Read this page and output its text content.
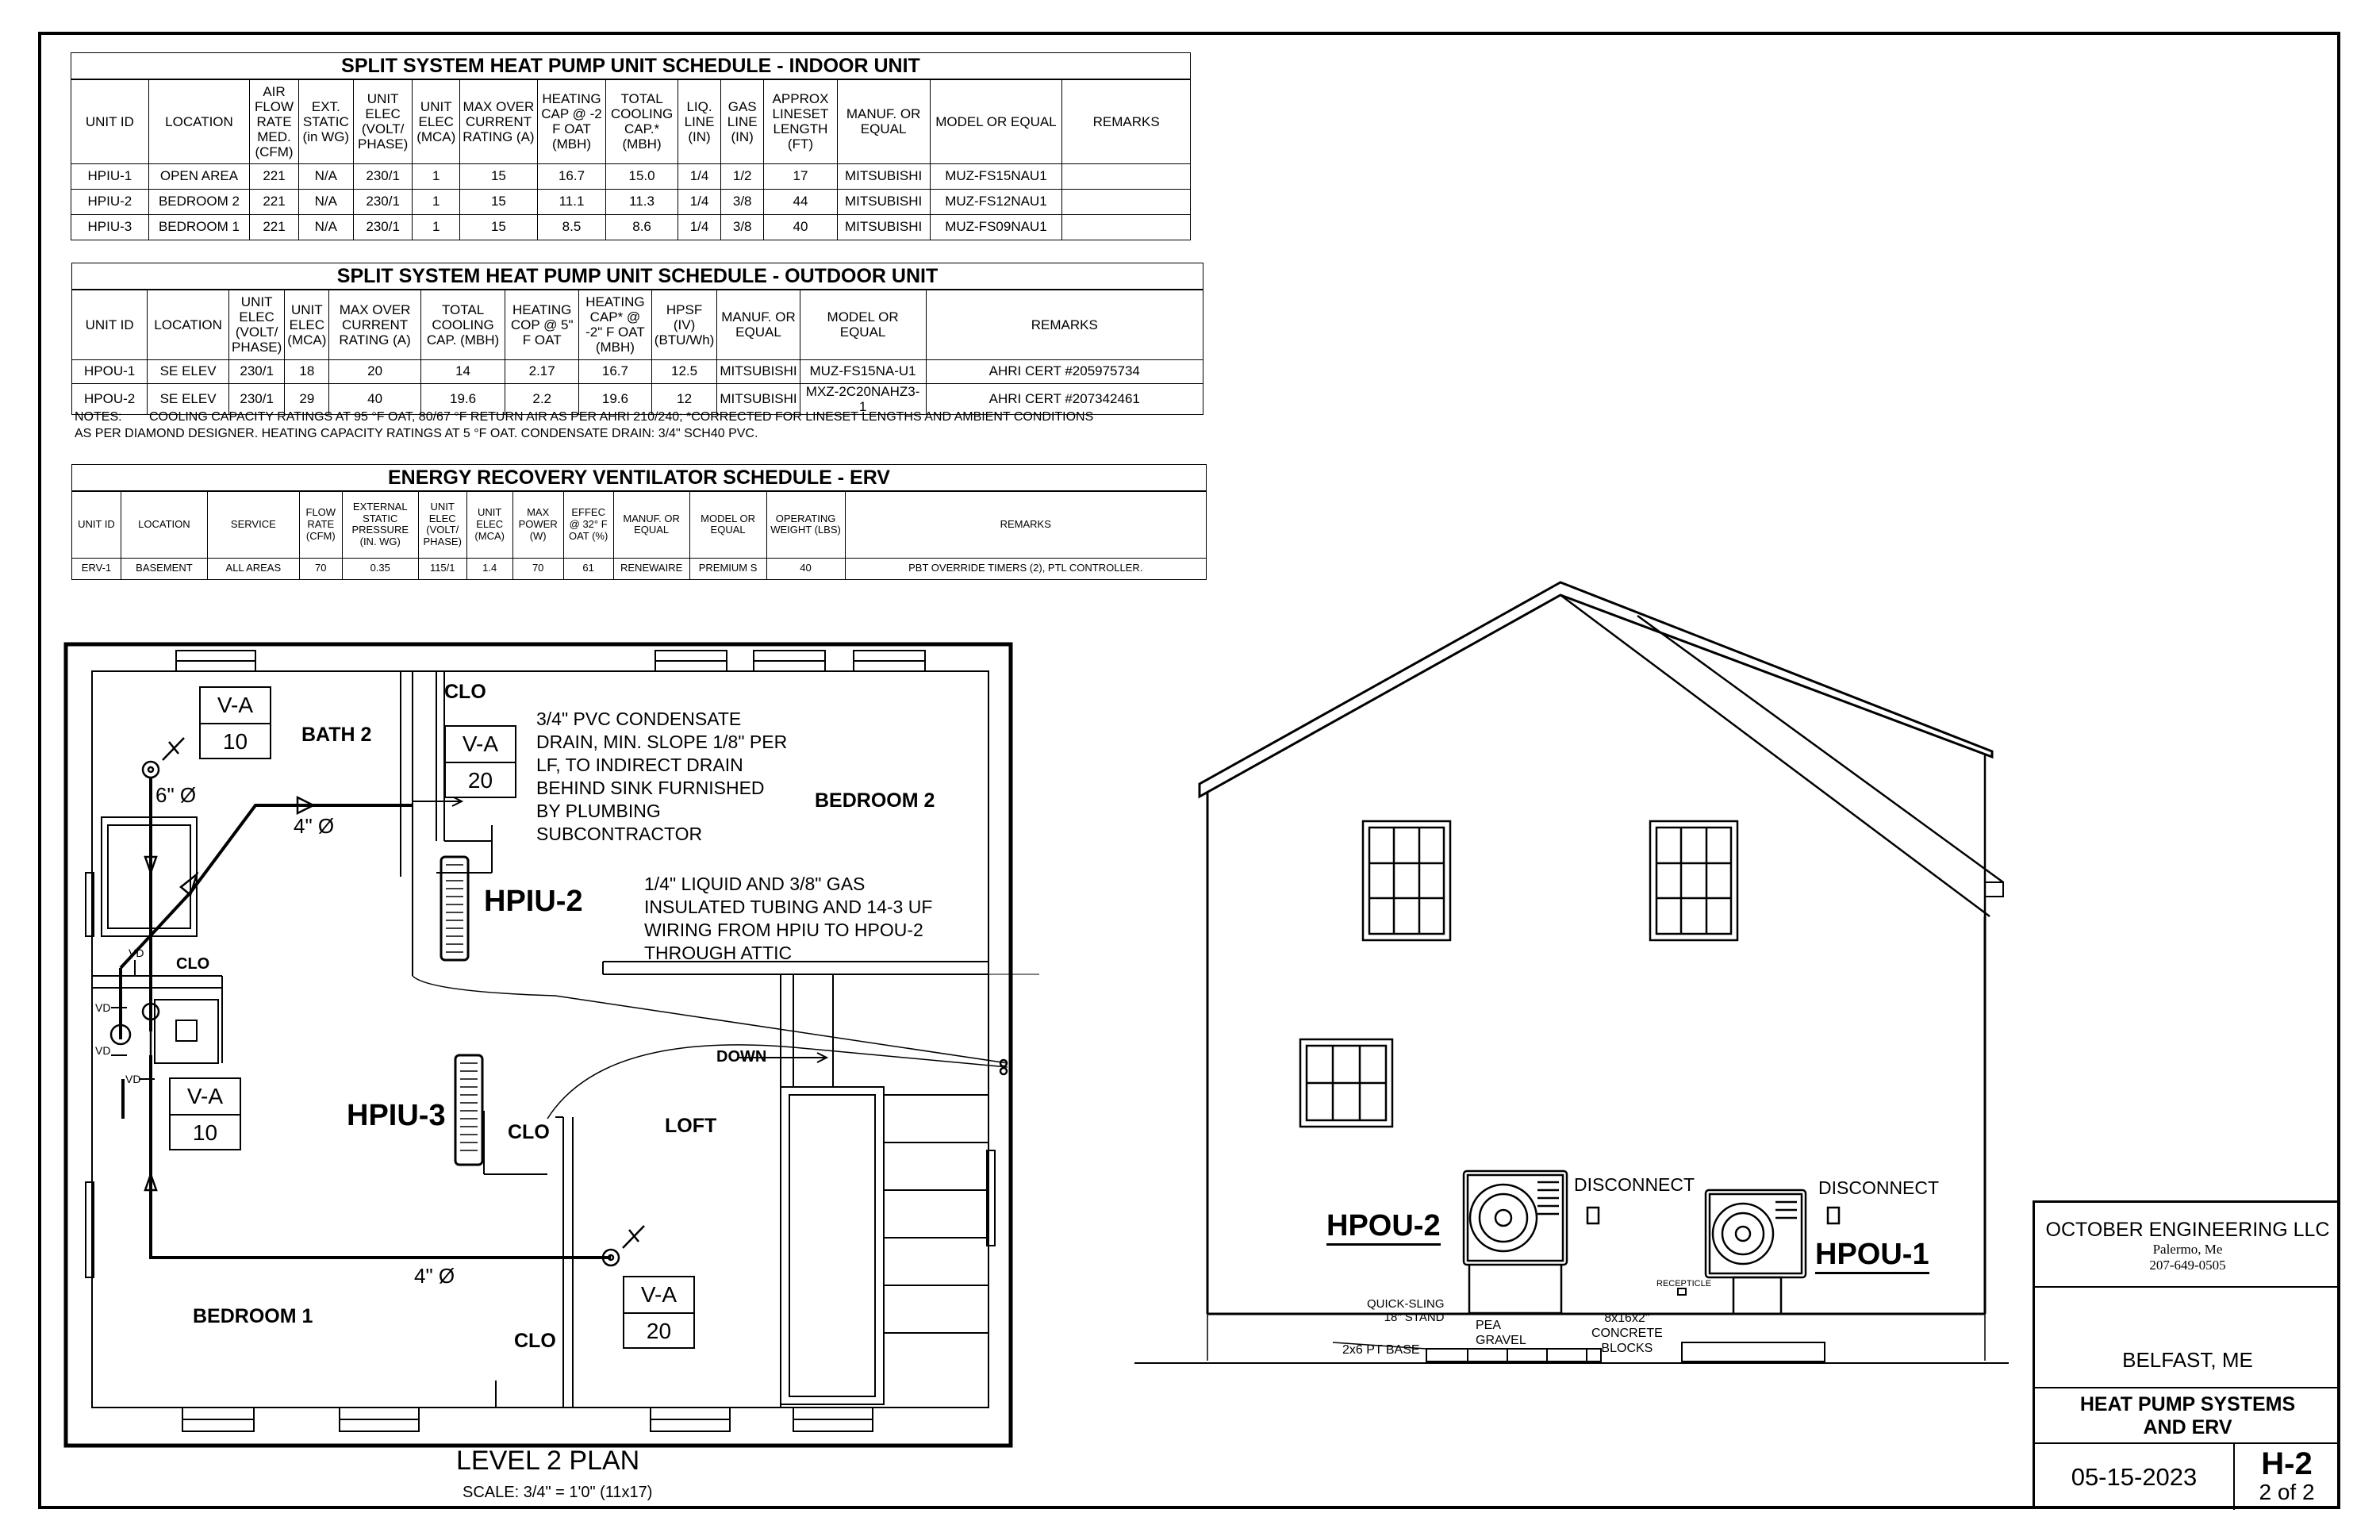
SPLIT SYSTEM HEAT PUMP UNIT SCHEDULE - INDOOR UNIT														
UNIT ID	LOCATION	AIR FLOW RATE MED. (CFM)	EXT. STATIC (in WG)	UNIT ELEC (VOLT/ PHASE)	UNIT ELEC (MCA)	MAX OVER CURRENT RATING (A)	HEATING CAP @ -2 F OAT (MBH)	TOTAL COOLING CAP.* (MBH)	LIQ. LINE (IN)	GAS LINE (IN)	APPROX LINESET LENGTH (FT)	MANUF. OR EQUAL	MODEL OR EQUAL	REMARKS
HPIU-1	OPEN AREA	221	N/A	230/1	1	15	16.7	15.0	1/4	1/2	17	MITSUBISHI	MUZ-FS15NAU1	
HPIU-2	BEDROOM 2	221	N/A	230/1	1	15	11.1	11.3	1/4	3/8	44	MITSUBISHI	MUZ-FS12NAU1	
HPIU-3	BEDROOM 1	221	N/A	230/1	1	15	8.5	8.6	1/4	3/8	40	MITSUBISHI	MUZ-FS09NAU1	
SPLIT SYSTEM HEAT PUMP UNIT SCHEDULE - OUTDOOR UNIT											
UNIT ID	LOCATION	UNIT ELEC (VOLT/ PHASE)	UNIT ELEC (MCA)	MAX OVER CURRENT RATING (A)	TOTAL COOLING CAP. (MBH)	HEATING COP @ 5" F OAT	HEATING CAP* @ -2" F OAT (MBH)	HPSF (IV) (BTU/Wh)	MANUF. OR EQUAL	MODEL OR EQUAL	REMARKS
HPOU-1	SE ELEV	230/1	18	20	14	2.17	16.7	12.5	MITSUBISHI	MUZ-FS15NA-U1	AHRI CERT #205975734
HPOU-2	SE ELEV	230/1	29	40	19.6	2.2	19.6	12	MITSUBISHI	MXZ-2C20NAHZ3-1	AHRI CERT #207342461
NOTES: COOLING CAPACITY RATINGS AT 95 °F OAT, 80/67 °F RETURN AIR AS PER AHRI 210/240; *CORRECTED FOR LINESET LENGTHS AND AMBIENT CONDITIONS
AS PER DIAMOND DESIGNER. HEATING CAPACITY RATINGS AT 5 °F OAT. CONDENSATE DRAIN: 3/4" SCH40 PVC.
ENERGY RECOVERY VENTILATOR SCHEDULE - ERV												
UNIT ID	LOCATION	SERVICE	FLOW RATE (CFM)	EXTERNAL STATIC PRESSURE (IN. WG)	UNIT ELEC (VOLT/ PHASE)	UNIT ELEC (MCA)	MAX POWER (W)	EFFEC @ 32° F OAT (%)	MANUF. OR EQUAL	MODEL OR EQUAL	OPERATING WEIGHT (LBS)	REMARKS
ERV-1	BASEMENT	ALL AREAS	70	0.35	115/1	1.4	70	61	RENEWAIRE	PREMIUM S	40	PBT OVERRIDE TIMERS (2), PTL CONTROLLER.
V-A
10	V-A
20
V-A
10
V-A
20
BATH 2
CLO
BEDROOM 2
CLO
CLO	LOFT
BEDROOM 1
CLO
HPIU-2
HPIU-3
6" Ø
4" Ø
4" Ø
VD
VD
VD
VD
DOWN
3/4" PVC CONDENSATE
DRAIN, MIN. SLOPE 1/8" PER
LF, TO INDIRECT DRAIN
BEHIND SINK FURNISHED
BY PLUMBING
SUBCONTRACTOR
1/4" LIQUID AND 3/8" GAS
INSULATED TUBING AND 14-3 UF
WIRING FROM HPIU TO HPOU-2
THROUGH ATTIC
LEVEL 2 PLAN
SCALE: 3/4" = 1'0" (11x17)
HPOU-2
HPOU-1
DISCONNECT	DISCONNECT
RECEPTICLE
QUICK-SLING
18" STAND
2x6 PT BASE
PEA
GRAVEL
8x16x2"
CONCRETE
BLOCKS
OCTOBER ENGINEERING LLC
Palermo, Me
207-649-0505
BELFAST, ME
HEAT PUMP SYSTEMS
AND ERV
05-15-2023	H-2
2 of 2
